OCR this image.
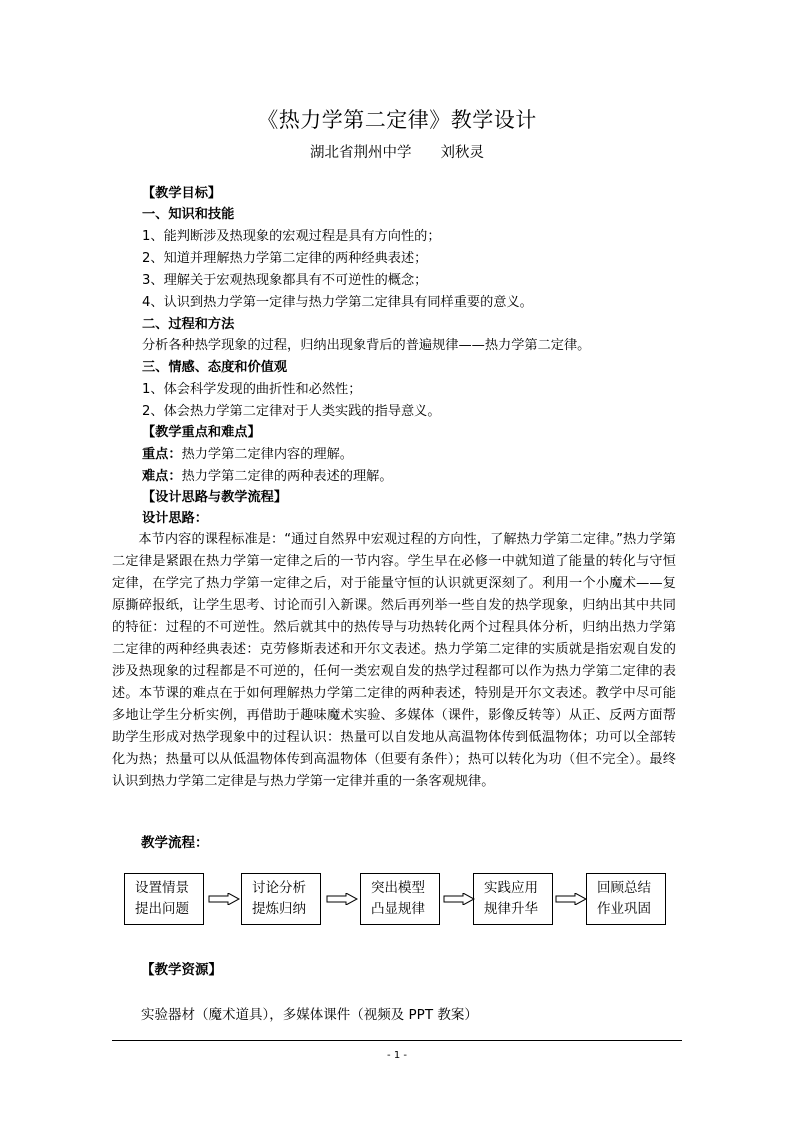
《热力学第二定律》教学设计
湖北省荆州中学　　刘秋灵
【教学目标】
一、知识和技能
1、能判断涉及热现象的宏观过程是具有方向性的；
2、知道并理解热力学第二定律的两种经典表述；
3、理解关于宏观热现象都具有不可逆性的概念；
4、认识到热力学第一定律与热力学第二定律具有同样重要的意义。
二、过程和方法
分析各种热学现象的过程，归纳出现象背后的普遍规律——热力学第二定律。
三、情感、态度和价值观
1、体会科学发现的曲折性和必然性；
2、体会热力学第二定律对于人类实践的指导意义。
【教学重点和难点】
重点：热力学第二定律内容的理解。
难点：热力学第二定律的两种表述的理解。
【设计思路与教学流程】
设计思路：
本节内容的课程标准是：“通过自然界中宏观过程的方向性，了解热力学第二定律。”热力学第二定律是紧跟在热力学第一定律之后的一节内容。学生早在必修一中就知道了能量的转化与守恒定律，在学完了热力学第一定律之后，对于能量守恒的认识就更深刻了。利用一个小魔术——复原撕碎报纸，让学生思考、讨论而引入新课。然后再列举一些自发的热学现象，归纳出其中共同的特征：过程的不可逆性。然后就其中的热传导与功热转化两个过程具体分析，归纳出热力学第二定律的两种经典表述：克劳修斯表述和开尔文表述。热力学第二定律的实质就是指宏观自发的涉及热现象的过程都是不可逆的，任何一类宏观自发的热学过程都可以作为热力学第二定律的表述。本节课的难点在于如何理解热力学第二定律的两种表述，特别是开尔文表述。教学中尽可能多地让学生分析实例，再借助于趣味魔术实验、多媒体（课件，影像反转等）从正、反两方面帮助学生形成对热学现象中的过程认识：热量可以自发地从高温物体传到低温物体；功可以全部转化为热；热量可以从低温物体传到高温物体（但要有条件）；热可以转化为功（但不完全）。最终认识到热力学第二定律是与热力学第一定律并重的一条客观规律。
教学流程：
设置情景
提出问题
讨论分析
提炼归纳
突出模型
凸显规律
实践应用
规律升华
回顾总结
作业巩固
【教学资源】
实验器材（魔术道具），多媒体课件（视频及 PPT 教案）
- 1 -
